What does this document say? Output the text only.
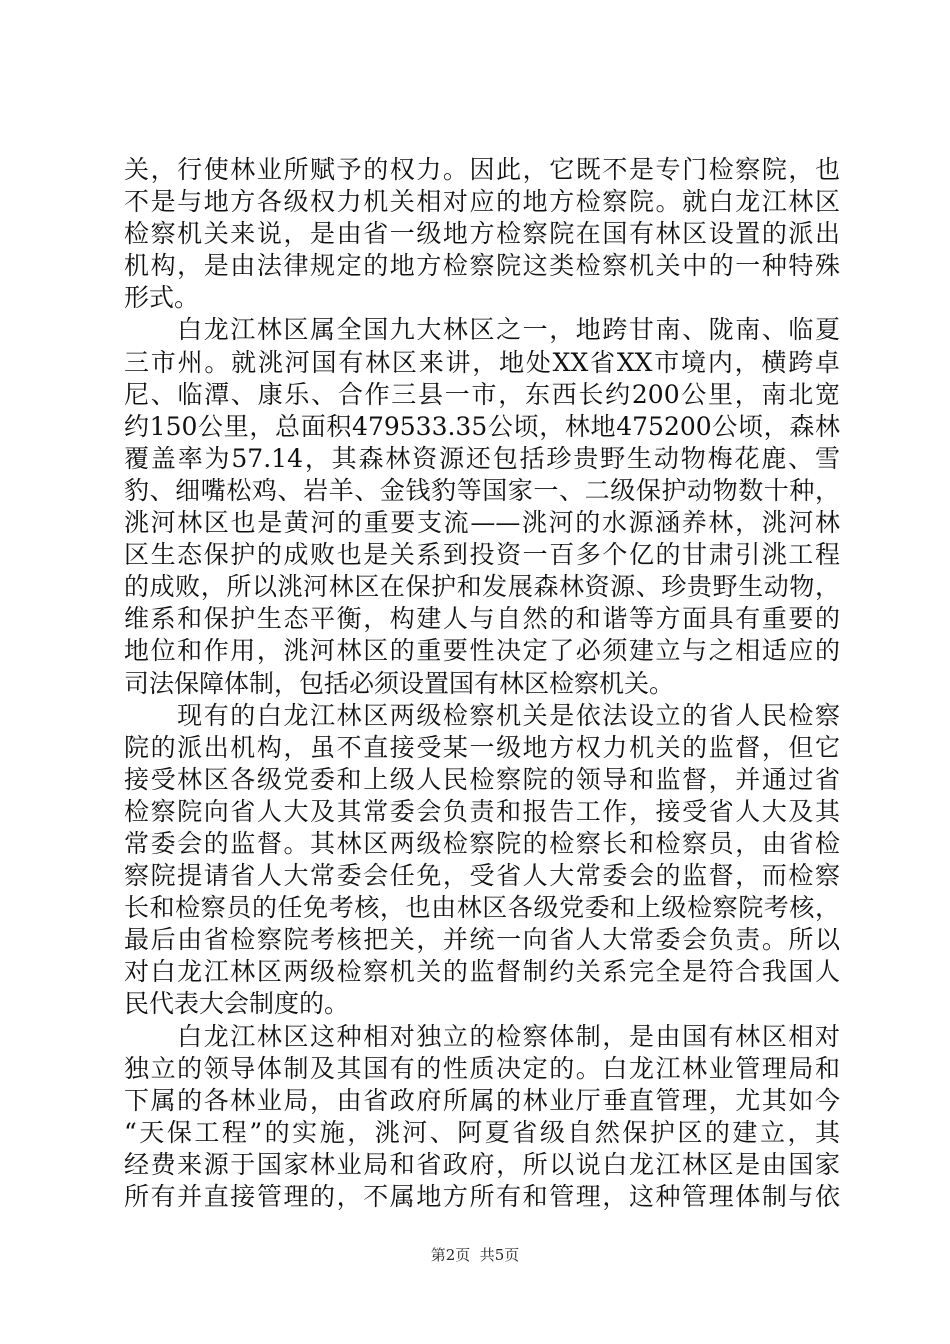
关，行使林业所赋予的权力。因此，它既不是专门检察院，也
不是与地方各级权力机关相对应的地方检察院。就白龙江林区
检察机关来说，是由省一级地方检察院在国有林区设置的派出
机构，是由法律规定的地方检察院这类检察机关中的一种特殊
形式。
　　白龙江林区属全国九大林区之一，地跨甘南、陇南、临夏
三市州。就洮河国有林区来讲，地处XX省XX市境内，横跨卓
尼、临潭、康乐、合作三县一市，东西长约200公里，南北宽
约150公里，总面积479533.35公顷，林地475200公顷，森林
覆盖率为57.14，其森林资源还包括珍贵野生动物梅花鹿、雪
豹、细嘴松鸡、岩羊、金钱豹等国家一、二级保护动物数十种，
洮河林区也是黄河的重要支流——洮河的水源涵养林，洮河林
区生态保护的成败也是关系到投资一百多个亿的甘肃引洮工程
的成败，所以洮河林区在保护和发展森林资源、珍贵野生动物，
维系和保护生态平衡，构建人与自然的和谐等方面具有重要的
地位和作用，洮河林区的重要性决定了必须建立与之相适应的
司法保障体制，包括必须设置国有林区检察机关。
　　现有的白龙江林区两级检察机关是依法设立的省人民检察
院的派出机构，虽不直接受某一级地方权力机关的监督，但它
接受林区各级党委和上级人民检察院的领导和监督，并通过省
检察院向省人大及其常委会负责和报告工作，接受省人大及其
常委会的监督。其林区两级检察院的检察长和检察员，由省检
察院提请省人大常委会任免，受省人大常委会的监督，而检察
长和检察员的任免考核，也由林区各级党委和上级检察院考核，
最后由省检察院考核把关，并统一向省人大常委会负责。所以
对白龙江林区两级检察机关的监督制约关系完全是符合我国人
民代表大会制度的。
　　白龙江林区这种相对独立的检察体制，是由国有林区相对
独立的领导体制及其国有的性质决定的。白龙江林业管理局和
下属的各林业局，由省政府所属的林业厅垂直管理，尤其如今
“天保工程”的实施，洮河、阿夏省级自然保护区的建立，其
经费来源于国家林业局和省政府，所以说白龙江林区是由国家
所有并直接管理的，不属地方所有和管理，这种管理体制与依
第2页  共5页
